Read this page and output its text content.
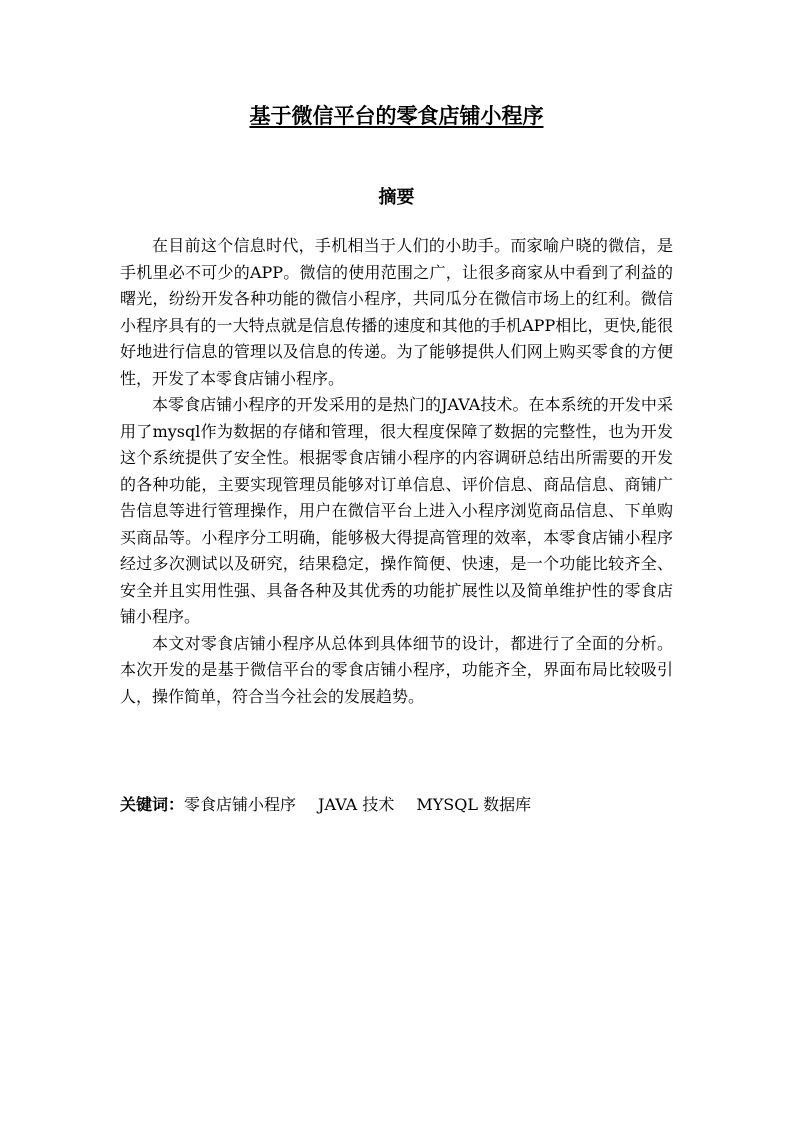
基于微信平台的零食店铺小程序
摘要

在目前这个信息时代，手机相当于人们的小助手。而家喻户晓的微信，是手机里必不可少的APP。微信的使用范围之广，让很多商家从中看到了利益的曙光，纷纷开发各种功能的微信小程序，共同瓜分在微信市场上的红利。微信小程序具有的一大特点就是信息传播的速度和其他的手机APP相比，更快,能很好地进行信息的管理以及信息的传递。为了能够提供人们网上购买零食的方便性，开发了本零食店铺小程序。

本零食店铺小程序的开发采用的是热门的JAVA技术。在本系统的开发中采用了mysql作为数据的存储和管理，很大程度保障了数据的完整性，也为开发这个系统提供了安全性。根据零食店铺小程序的内容调研总结出所需要的开发的各种功能，主要实现管理员能够对订单信息、评价信息、商品信息、商铺广告信息等进行管理操作，用户在微信平台上进入小程序浏览商品信息、下单购买商品等。小程序分工明确，能够极大得提高管理的效率，本零食店铺小程序经过多次测试以及研究，结果稳定，操作简便、快速，是一个功能比较齐全、安全并且实用性强、具备各种及其优秀的功能扩展性以及简单维护性的零食店铺小程序。

本文对零食店铺小程序从总体到具体细节的设计，都进行了全面的分析。本次开发的是基于微信平台的零食店铺小程序，功能齐全，界面布局比较吸引人，操作简单，符合当今社会的发展趋势。

关键词：零食店铺小程序 JAVA 技术 MYSQL 数据库
